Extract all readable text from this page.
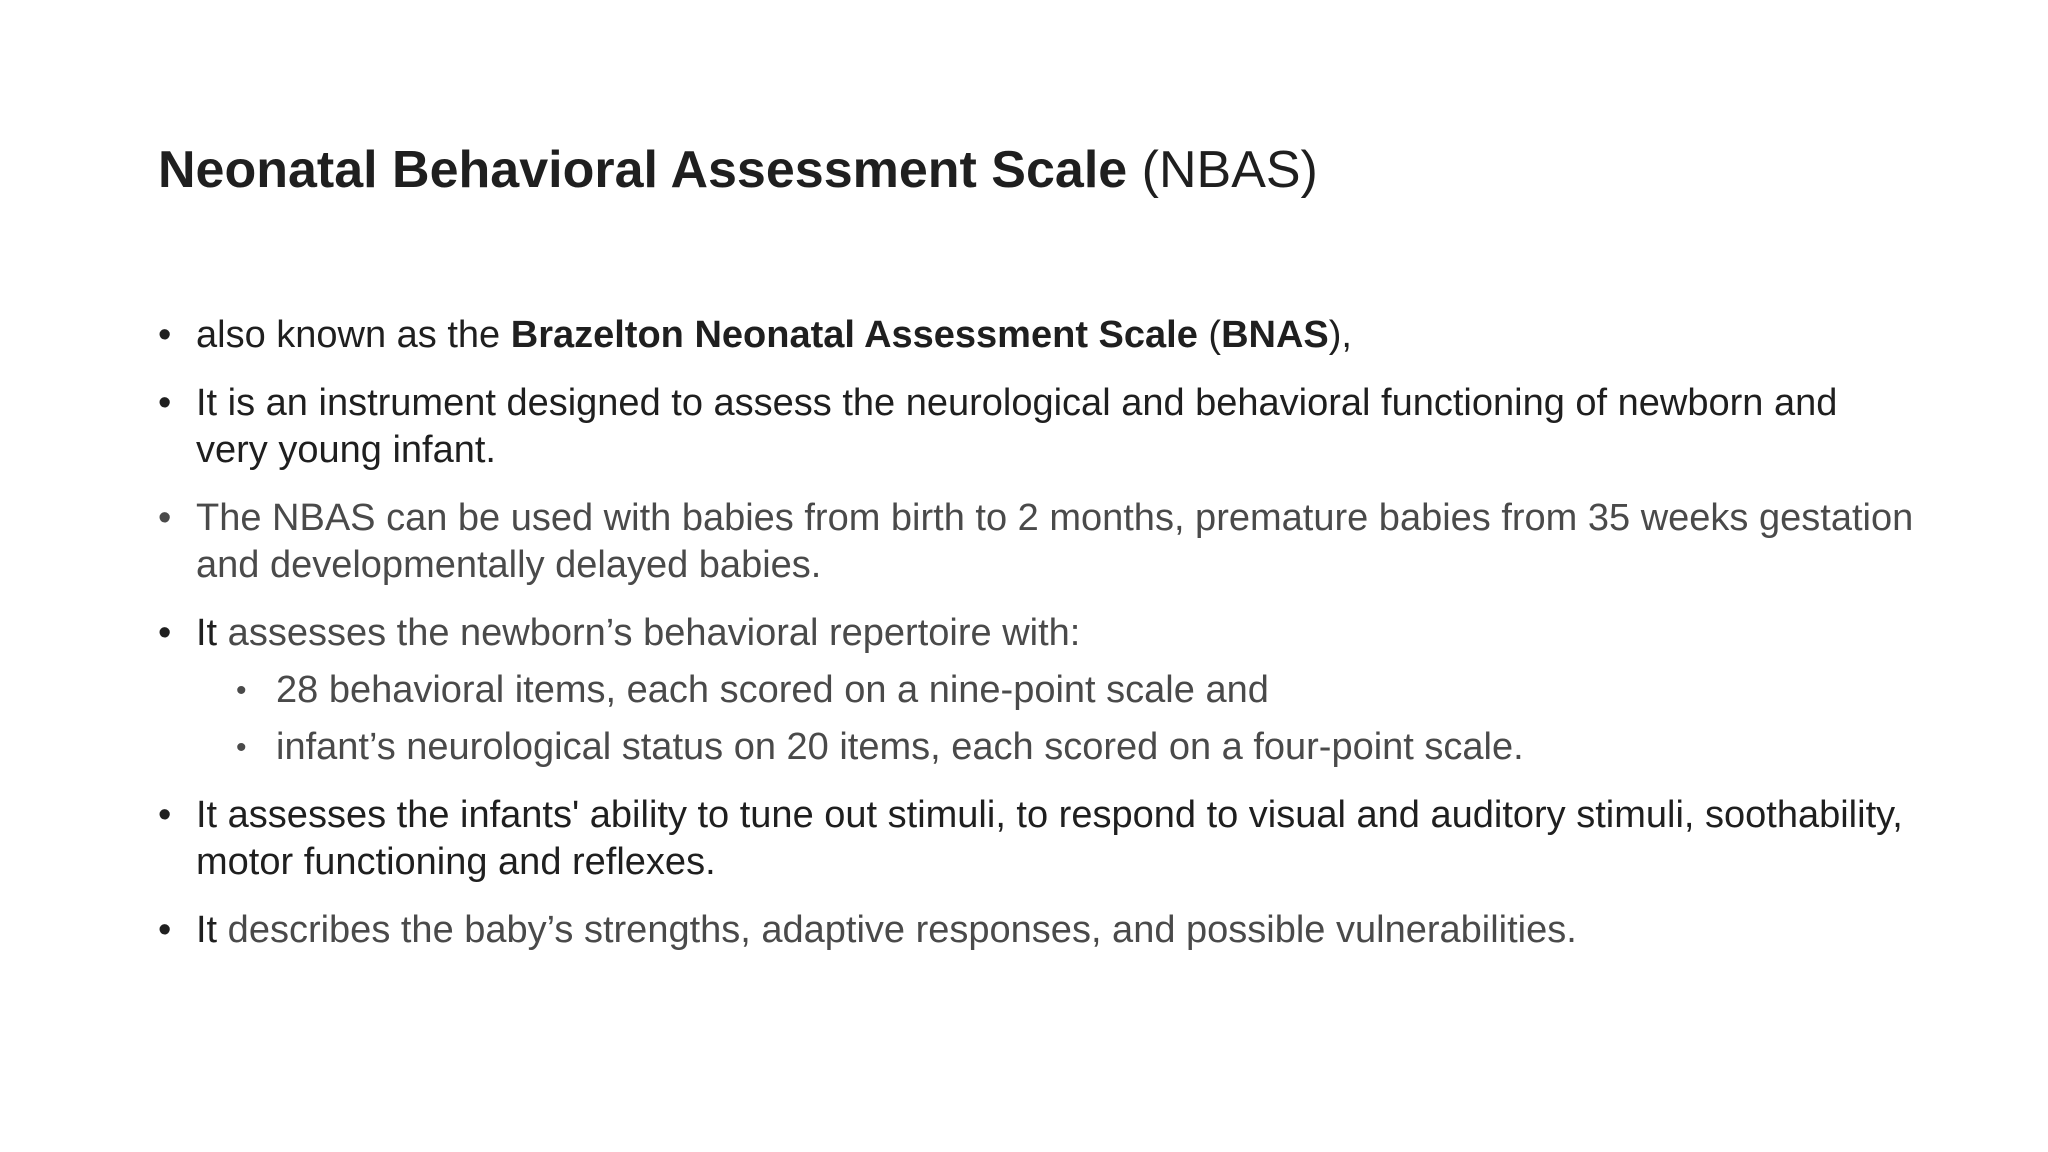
Neonatal Behavioral Assessment Scale (NBAS)
• also known as the Brazelton Neonatal Assessment Scale (BNAS),
• It is an instrument designed to assess the neurological and behavioral functioning of newborn and very young infant.
• The NBAS can be used with babies from birth to 2 months, premature babies from 35 weeks gestation and developmentally delayed babies.
• It assesses the newborn’s behavioral repertoire with:
• 28 behavioral items, each scored on a nine-point scale and
• infant’s neurological status on 20 items, each scored on a four-point scale.
• It assesses the infants' ability to tune out stimuli, to respond to visual and auditory stimuli, soothability, motor functioning and reflexes.
• It describes the baby’s strengths, adaptive responses, and possible vulnerabilities.
